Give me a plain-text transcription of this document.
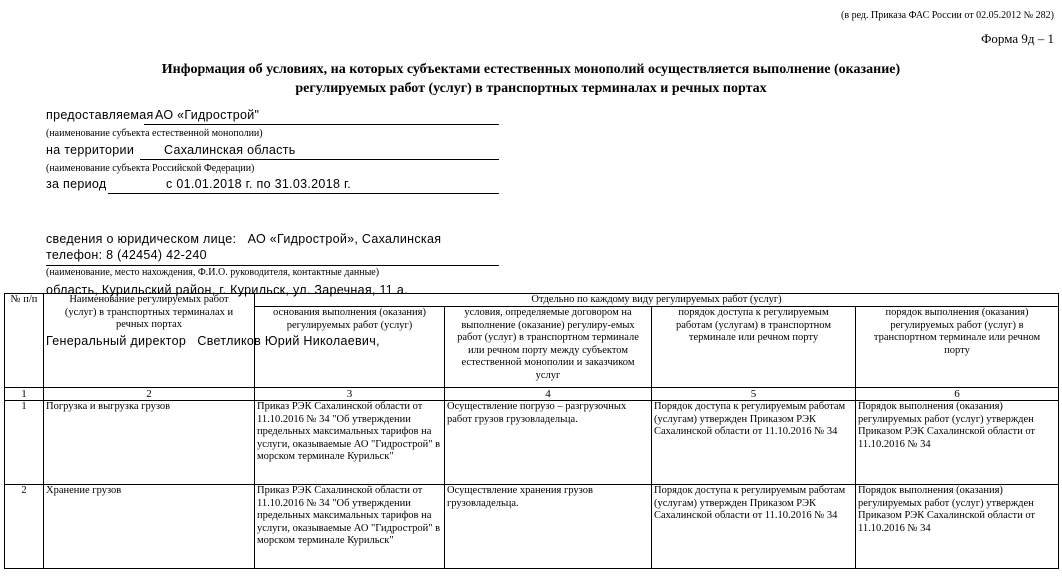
(в ред. Приказа ФАС России от 02.05.2012 № 282)
Форма 9д – 1
Информация об условиях, на которых субъектами естественных монополий осуществляется выполнение (оказание)
регулируемых работ (услуг) в транспортных терминалах и речных портах
предоставляемая АО «Гидрострой"
(наименование субъекта естественной монополии)
на территории	Сахалинская область
(наименование субъекта Российской Федерации)
за период	с 01.01.2018 г. по 31.03.2018 г.

сведения о юридическом лице:   АО «Гидрострой», Сахалинская

область, Курильский район, г. Курильск, ул. Заречная, 11 а.

Генеральный директор   Светликов Юрий Николаевич,

телефон: 8 (42454) 42-240
(наименование, место нахождения, Ф.И.О. руководителя, контактные данные)
№ п/п	Наименование регулируемых работ (услуг) в транспортных терминалах и речных портах	Отдельно по каждому виду регулируемых работ (услуг)			
		основания выполнения (оказания) регулируемых работ (услуг)	условия, определяемые договором на выполнение (оказание) регулиру-емых работ (услуг) в транспортном терминале или речном порту между субъектом естественной монополии и заказчиком услуг	порядок доступа к регулируемым работам (услугам) в транспортном терминале или речном порту	порядок выполнения (оказания) регулируемых работ (услуг) в транспортном терминале или речном порту
1	2	3	4	5	6
1	Погрузка и выгрузка грузов	Приказ РЭК Сахалинской области от 11.10.2016 № 34 "Об утверждении предельных максимальных тарифов на услуги, оказываемые АО "Гидрострой" в морском терминале Курильск"	Осуществление погрузо – разгрузочных работ грузов грузовладельца.	Порядок доступа к регулируемым работам (услугам) утвержден Приказом РЭК Сахалинской области от 11.10.2016 № 34	Порядок выполнения (оказания) регулируемых работ (услуг) утвержден Приказом РЭК Сахалинской области от 11.10.2016 № 34
2	Хранение грузов	Приказ РЭК Сахалинской области от 11.10.2016 № 34 "Об утверждении предельных максимальных тарифов на услуги, оказываемые АО "Гидрострой" в морском терминале Курильск"	Осуществление хранения грузов грузовладельца.	Порядок доступа к регулируемым работам (услугам) утвержден Приказом РЭК Сахалинской области от 11.10.2016 № 34	Порядок выполнения (оказания) регулируемых работ (услуг) утвержден Приказом РЭК Сахалинской области от 11.10.2016 № 34
